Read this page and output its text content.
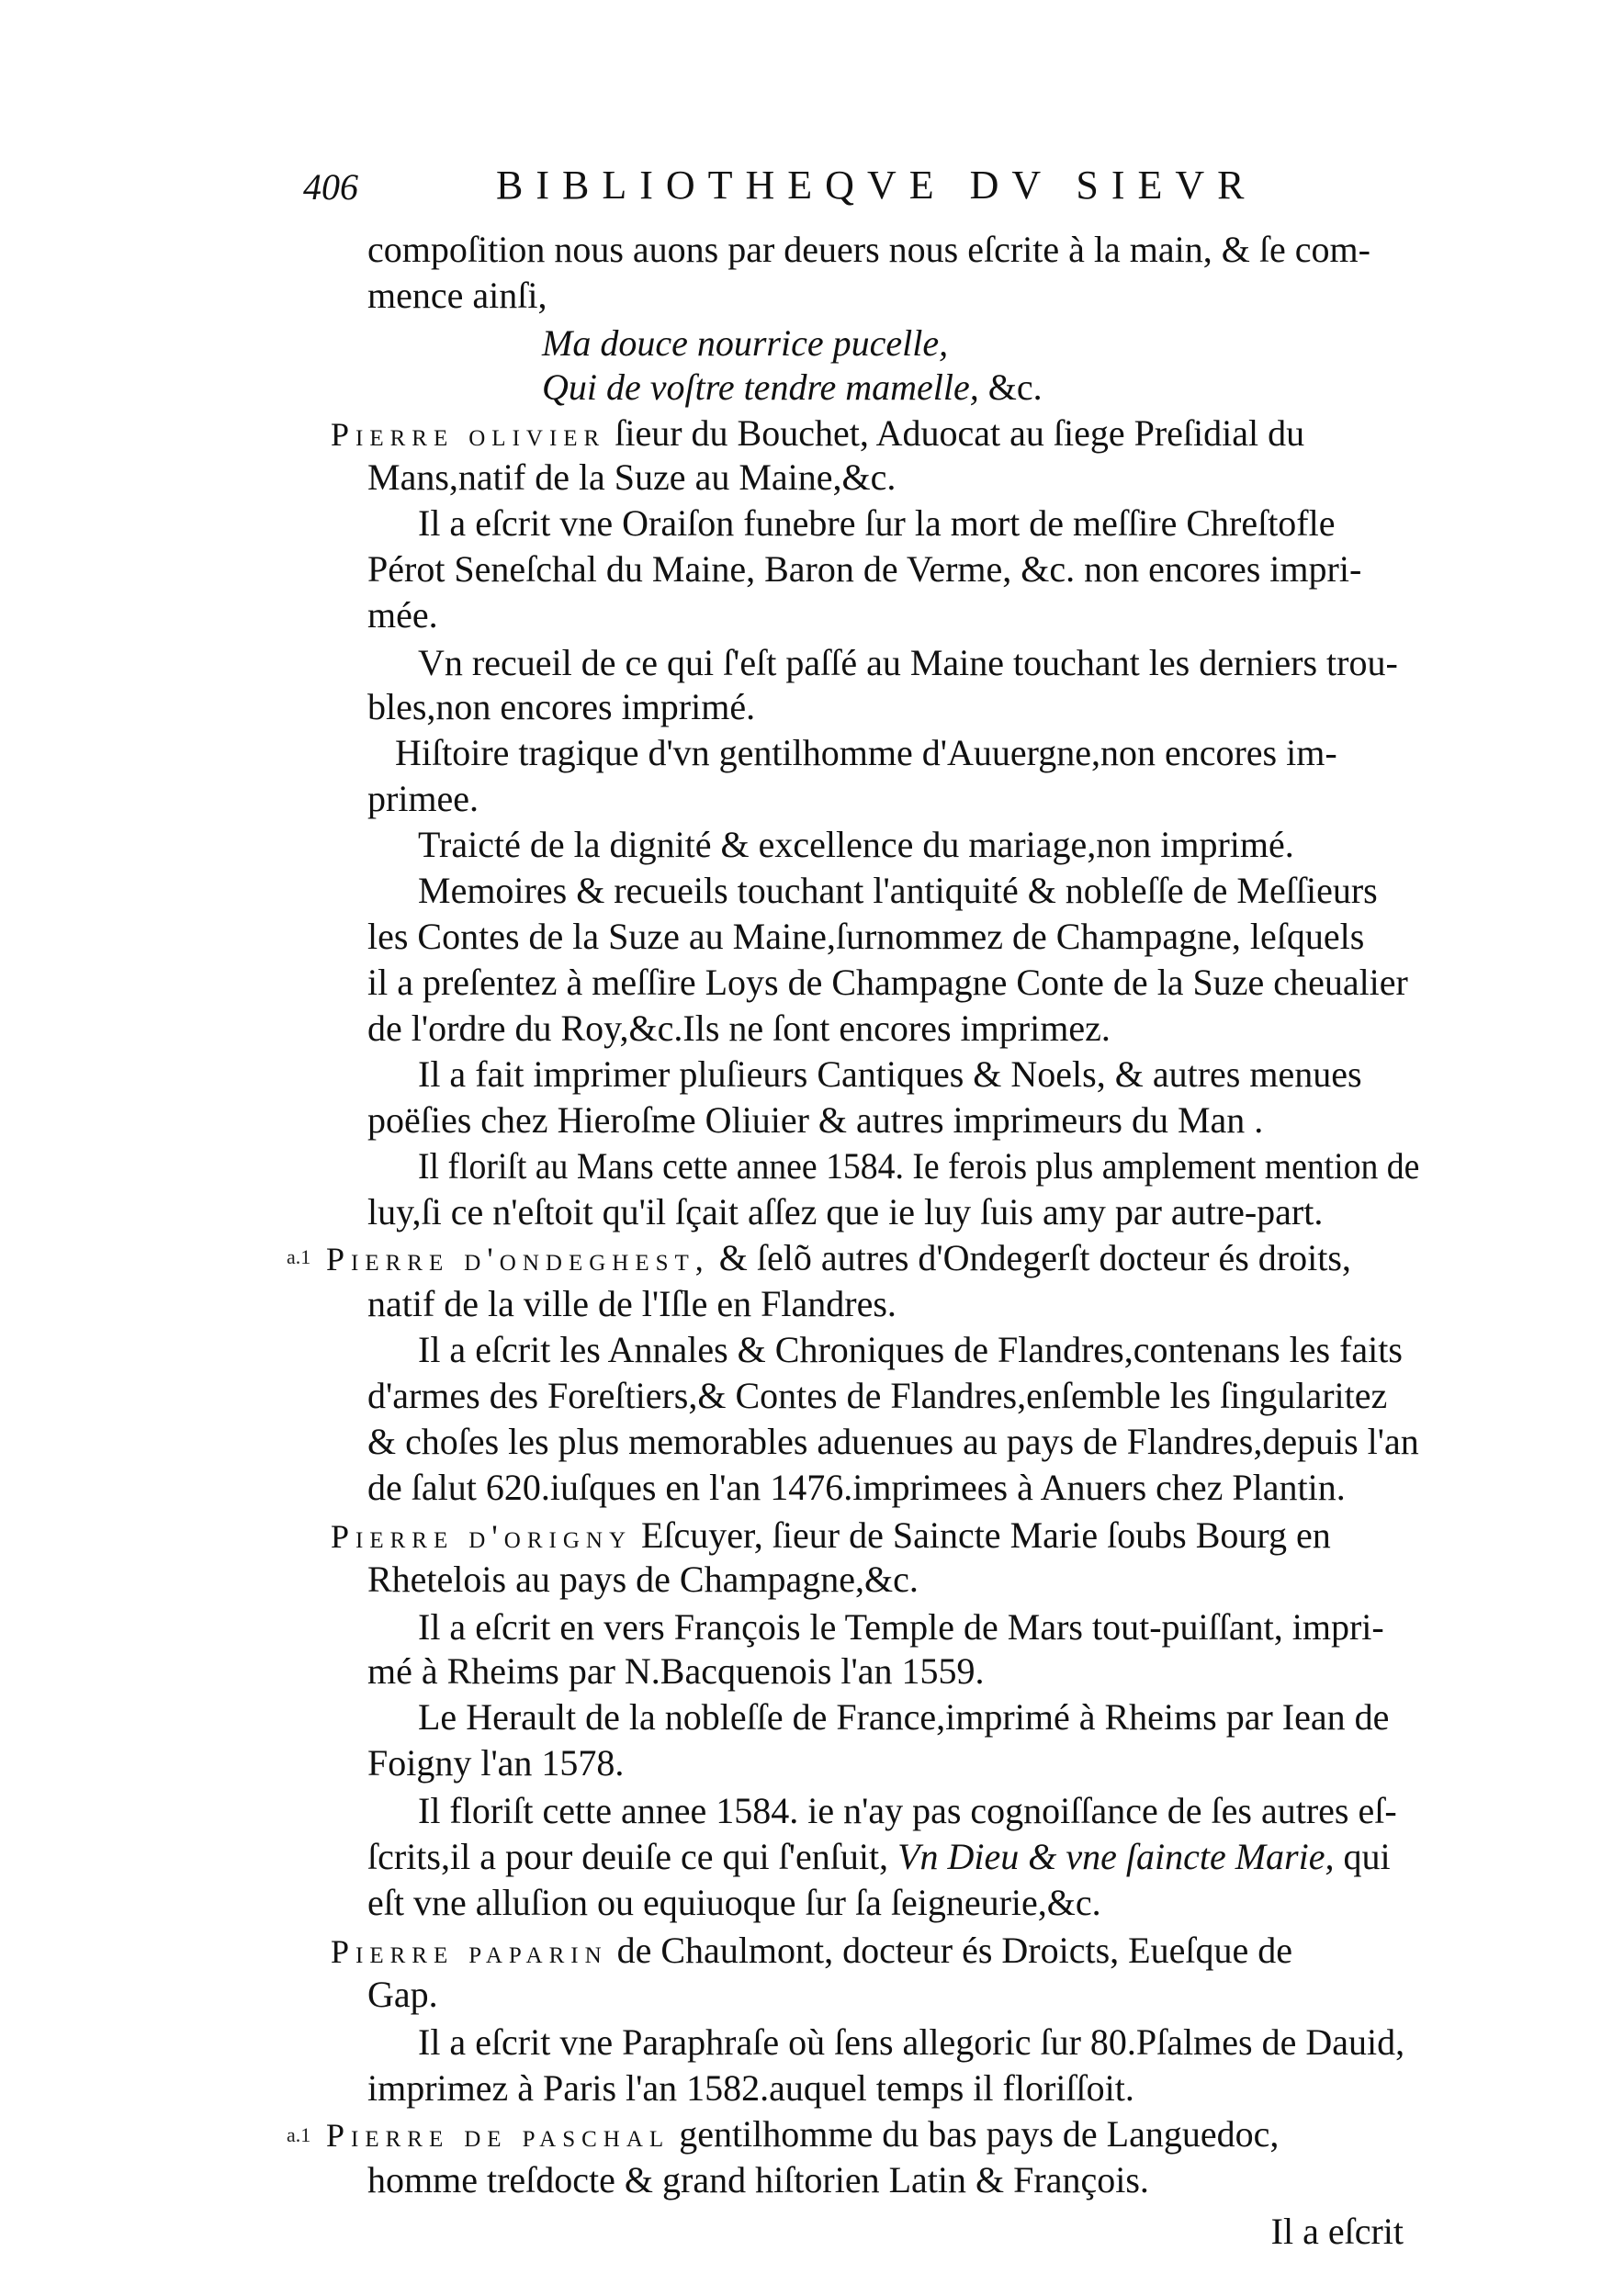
406	BIBLIOTHEQVE DV SIEVR
compoſition nous auons par deuers nous eſcrite à la main, & ſe com-
mence ainſi,
Ma douce nourrice pucelle,
Qui de voſtre tendre mamelle, &c.
Pierre olivier ſieur du Bouchet, Aduocat au ſiege Preſidial du
Mans,natif de la Suze au Maine,&c.
Il a eſcrit vne Oraiſon funebre ſur la mort de meſſire Chreſtofle
Pérot Seneſchal du Maine, Baron de Verme, &c. non encores impri-
mée.
Vn recueil de ce qui ſ'eſt paſſé au Maine touchant les derniers trou-
bles,non encores imprimé.
Hiſtoire tragique d'vn gentilhomme d'Auuergne,non encores im-
primee.
Traicté de la dignité & excellence du mariage,non imprimé.
Memoires & recueils touchant l'antiquité & nobleſſe de Meſſieurs
les Contes de la Suze au Maine,ſurnommez de Champagne, leſquels
il a preſentez à meſſire Loys de Champagne Conte de la Suze cheualier
de l'ordre du Roy,&c.Ils ne ſont encores imprimez.
Il a fait imprimer pluſieurs Cantiques & Noels, & autres menues
poëſies chez Hieroſme Oliuier & autres imprimeurs du Man .
Il floriſt au Mans cette annee 1584. Ie ferois plus amplement mention de
luy,ſi ce n'eſtoit qu'il ſçait aſſez que ie luy ſuis amy par autre-part.
a.1 Pierre d'ondeghest, & ſelõ autres d'Ondegerſt docteur és droits,
natif de la ville de l'Iſle en Flandres.
Il a eſcrit les Annales & Chroniques de Flandres,contenans les faits
d'armes des Foreſtiers,& Contes de Flandres,enſemble les ſingularitez
& choſes les plus memorables aduenues au pays de Flandres,depuis l'an
de ſalut 620.iuſques en l'an 1476.imprimees à Anuers chez Plantin.
Pierre d'origny Eſcuyer, ſieur de Saincte Marie ſoubs Bourg en
Rhetelois au pays de Champagne,&c.
Il a eſcrit en vers François le Temple de Mars tout-puiſſant, impri-
mé à Rheims par N.Bacquenois l'an 1559.
Le Herault de la nobleſſe de France,imprimé à Rheims par Iean de
Foigny l'an 1578.
Il floriſt cette annee 1584. ie n'ay pas cognoiſſance de ſes autres eſ-
ſcrits,il a pour deuiſe ce qui ſ'enſuit, Vn Dieu & vne ſaincte Marie, qui
eſt vne alluſion ou equiuoque ſur ſa ſeigneurie,&c.
Pierre paparin de Chaulmont, docteur és Droicts, Eueſque de
Gap.
Il a eſcrit vne Paraphraſe où ſens allegoric ſur 80.Pſalmes de Dauid,
imprimez à Paris l'an 1582.auquel temps il floriſſoit.
a.1 Pierre de paschal gentilhomme du bas pays de Languedoc,
homme treſdocte & grand hiſtorien Latin & François.
Il a eſcrit
